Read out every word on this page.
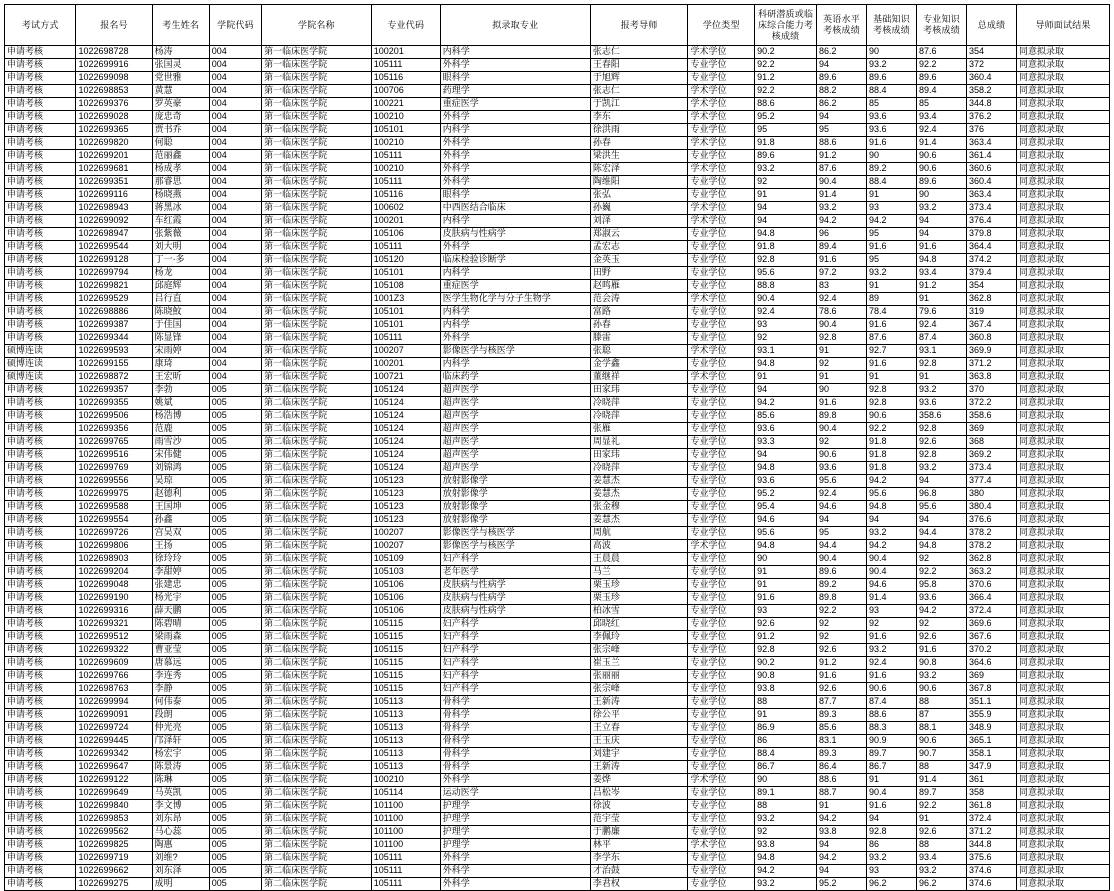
考试方式	报名号	考生姓名	学院代码	学院名称	专业代码	拟录取专业	报考导师	学位类型	科研潜质或临床综合能力考核成绩	英语水平考核成绩	基础知识考核成绩	专业知识考核成绩	总成绩	导师面试结果
申请考核	1022698728	杨涛	004	第一临床医学院	100201	内科学	张志仁	学术学位	90.2	86.2	90	87.6	354	同意拟录取
申请考核	1022699916	张国灵	004	第一临床医学院	105111	外科学	王春阳	专业学位	92.2	94	93.2	92.2	372	同意拟录取
申请考核	1022699098	党世雅	004	第一临床医学院	105116	眼科学	于旭辉	专业学位	91.2	89.6	89.6	89.6	360.4	同意拟录取
申请考核	1022698853	黄慧	004	第一临床医学院	100706	药理学	张志仁	学术学位	92.2	88.2	88.4	89.4	358.2	同意拟录取
申请考核	1022699376	罗英豪	004	第一临床医学院	100221	重症医学	于凯江	学术学位	88.6	86.2	85	85	344.8	同意拟录取
申请考核	1022699028	庞忠奇	004	第一临床医学院	100210	外科学	李东	学术学位	95.2	94	93.6	93.4	376.2	同意拟录取
申请考核	1022699365	贾书乔	004	第一临床医学院	105101	内科学	徐洪雨	专业学位	95	95	93.6	92.4	376	同意拟录取
申请考核	1022699820	何聪	004	第一临床医学院	100210	外科学	孙春	学术学位	91.8	88.6	91.6	91.4	363.4	同意拟录取
申请考核	1022699201	范丽鑫	004	第一临床医学院	105111	外科学	梁洪生	专业学位	89.6	91.2	90	90.6	361.4	同意拟录取
申请考核	1022699681	杨成孝	004	第一临床医学院	100210	外科学	陈宏泽	学术学位	93.2	87.6	89.2	90.6	360.6	同意拟录取
申请考核	1022699351	那睿思	004	第一临床医学院	105111	外科学	陶维阳	专业学位	92	90.4	88.4	89.6	360.4	同意拟录取
申请考核	1022699116	杨晓燕	004	第一临床医学院	105116	眼科学	张弘	专业学位	91	91.4	91	90	363.4	同意拟录取
申请考核	1022698943	蒋黑冰	004	第一临床医学院	100602	中西医结合临床	孙巍	学术学位	94	93.2	93	93.2	373.4	同意拟录取
申请考核	1022699092	车红霞	004	第一临床医学院	100201	内科学	刘泽	学术学位	94	94.2	94.2	94	376.4	同意拟录取
申请考核	1022698947	张紫薇	004	第一临床医学院	105106	皮肤病与性病学	郑淑云	专业学位	94.8	96	95	94	379.8	同意拟录取
申请考核	1022699544	刘大明	004	第一临床医学院	105111	外科学	孟宏志	专业学位	91.8	89.4	91.6	91.6	364.4	同意拟录取
申请考核	1022699128	丁一·多	004	第一临床医学院	105120	临床检验诊断学	金英玉	专业学位	92.8	91.6	95	94.8	374.2	同意拟录取
申请考核	1022699794	杨龙	004	第一临床医学院	105101	内科学	田野	专业学位	95.6	97.2	93.2	93.4	379.4	同意拟录取
申请考核	1022699821	邱庭辉	004	第一临床医学院	105108	重症医学	赵鸣雁	专业学位	88.8	83	91	91.2	354	同意拟录取
申请考核	1022699529	吕行直	004	第一临床医学院	1001Z3	医学生物化学与分子生物学	范会涛	学术学位	90.4	92.4	89	91	362.8	同意拟录取
申请考核	1022698886	陈晓魰	004	第一临床医学院	105101	内科学	富路	专业学位	92.4	78.6	78.4	79.6	319	同意拟录取
申请考核	1022699387	于佳国	004	第一临床医学院	105101	内科学	孙春	专业学位	93	90.4	91.6	92.4	367.4	同意拟录取
申请考核	1022699344	陈显锋	004	第一临床医学院	105111	外科学	滕雷	专业学位	92	92.8	87.6	87.4	360.8	同意拟录取
硕博连读	1022699593	宋雨婷	004	第一临床医学院	100207	影像医学与核医学	张聪	学术学位	93.1	91	92.7	93.1	369.9	同意拟录取
硕博连读	1022699155	康琦	004	第一临床医学院	100201	内科学	金学鑫	专业学位	94.8	92	91.6	92.8	371.2	同意拟录取
硕博连读	1022698872	王宏昕	004	第一临床医学院	100721	临床药学	董继祥	学术学位	91	91	91	91	363.8	同意拟录取
申请考核	1022699357	李勃	005	第二临床医学院	105124	超声医学	田家玮	专业学位	94	90	92.8	93.2	370	同意拟录取
申请考核	1022699355	姚斌	005	第二临床医学院	105124	超声医学	冷晓萍	专业学位	94.2	91.6	92.8	93.6	372.2	同意拟录取
申请考核	1022699506	杨浩博	005	第二临床医学院	105124	超声医学	冷晓萍	专业学位	85.6	89.8	90.6	358.6	358.6	同意拟录取
申请考核	1022699356	范鹿	005	第二临床医学院	105124	超声医学	张雁	专业学位	93.6	90.4	92.2	92.8	369	同意拟录取
申请考核	1022699765	雨雪沙	005	第二临床医学院	105124	超声医学	周显礼	专业学位	93.3	92	91.8	92.6	368	同意拟录取
申请考核	1022699516	宋伟健	005	第二临床医学院	105124	超声医学	田家玮	专业学位	94	90.6	91.8	92.8	369.2	同意拟录取
申请考核	1022699769	刘锦鸿	005	第二临床医学院	105124	超声医学	冷晓萍	专业学位	94.8	93.6	91.8	93.2	373.4	同意拟录取
申请考核	1022699556	吴琼	005	第二临床医学院	105123	放射影像学	姜慧杰	专业学位	93.6	95.6	94.2	94	377.4	同意拟录取
申请考核	1022699975	赵德利	005	第二临床医学院	105123	放射影像学	姜慧杰	专业学位	95.2	92.4	95.6	96.8	380	同意拟录取
申请考核	1022699588	王国坤	005	第二临床医学院	105123	放射影像学	张金穆	专业学位	95.4	94.6	94.8	95.6	380.4	同意拟录取
申请考核	1022699554	孙鑫	005	第二临床医学院	105123	放射影像学	姜慧杰	专业学位	94.6	94	94	94	376.6	同意拟录取
申请考核	1022699726	宫吴双	005	第二临床医学院	100207	影像医学与核医学	周航	专业学位	95.6	95	93.2	94.4	378.2	同意拟录取
申请考核	1022699806	王扬	005	第二临床医学院	100207	影像医学与核医学	高波	学术学位	94.8	94.4	94.2	94.8	378.2	同意拟录取
申请考核	1022698903	徐玲玲	005	第二临床医学院	105109	妇产科学	王晨晨	专业学位	90	90.4	90.4	92	362.8	同意拟录取
申请考核	1022699204	李甜婷	005	第二临床医学院	105103	老年医学	马兰	专业学位	91	89.6	90.4	92.2	363.2	同意拟录取
申请考核	1022699048	张建忠	005	第二临床医学院	105106	皮肤病与性病学	栗玉珍	专业学位	91	89.2	94.6	95.8	370.6	同意拟录取
申请考核	1022699190	杨光宇	005	第二临床医学院	105106	皮肤病与性病学	栗玉珍	专业学位	91.6	89.8	91.4	93.6	366.4	同意拟录取
申请考核	1022699316	薛天鹏	005	第二临床医学院	105106	皮肤病与性病学	柏冰雪	专业学位	93	92.2	93	94.2	372.4	同意拟录取
申请考核	1022699321	陈碧晴	005	第二临床医学院	105115	妇产科学	邱晓红	专业学位	92.6	92	92	92	369.6	同意拟录取
申请考核	1022699512	梁雨森	005	第二临床医学院	105115	妇产科学	李佩玲	专业学位	91.2	92	91.6	92.6	367.6	同意拟录取
申请考核	1022699322	曹亚莹	005	第二临床医学院	105115	妇产科学	张宗峰	专业学位	92.8	92.6	93.2	91.6	370.2	同意拟录取
申请考核	1022699609	唐慕远	005	第二临床医学院	105115	妇产科学	崔玉兰	专业学位	90.2	91.2	92.4	90.8	364.6	同意拟录取
申请考核	1022699766	李连秀	005	第二临床医学院	105115	妇产科学	张丽丽	专业学位	90.8	91.6	91.6	93.2	369	同意拟录取
申请考核	1022698763	李静	005	第二临床医学院	105115	妇产科学	张宗峰	专业学位	93.8	92.6	90.6	90.6	367.8	同意拟录取
申请考核	1022699994	何伟泰	005	第二临床医学院	105113	骨科学	王新涛	专业学位	88	87.7	87.4	88	351.1	同意拟录取
申请考核	1022699091	段朗	005	第二临床医学院	105113	骨科学	徐公平	专业学位	91	89.3	88.6	87	355.9	同意拟录取
申请考核	1022699724	仲光亮	005	第二临床医学院	105113	骨科学	王立春	专业学位	86.9	85.6	88.3	88.1	348.9	同意拟录取
申请考核	1022699445	邝泽轩	005	第二临床医学院	105113	骨科学	王玉庆	专业学位	86	83.1	90.9	90.6	365.1	同意拟录取
申请考核	1022699342	杨宏宇	005	第二临床医学院	105113	骨科学	刘建宇	专业学位	88.4	89.3	89.7	90.7	358.1	同意拟录取
申请考核	1022699647	陈景涛	005	第二临床医学院	105113	骨科学	王新涛	专业学位	86.7	86.4	86.7	88	347.9	同意拟录取
申请考核	1022699122	陈琳	005	第二临床医学院	100210	外科学	姜烨	学术学位	90	88.6	91	91.4	361	同意拟录取
申请考核	1022699649	马英凯	005	第二临床医学院	105114	运动医学	吕松岑	专业学位	89.1	88.7	90.4	89.7	358	同意拟录取
申请考核	1022699840	李文博	005	第二临床医学院	101100	护理学	徐波	专业学位	88	91	91.6	92.2	361.8	同意拟录取
申请考核	1022699853	刘东昂	005	第二临床医学院	101100	护理学	范宇莹	专业学位	93.2	94.2	94	91	372.4	同意拟录取
申请考核	1022699562	马心蕊	005	第二临床医学院	101100	护理学	于鹏廉	专业学位	92	93.8	92.8	92.6	371.2	同意拟录取
申请考核	1022699825	陶惠	005	第二临床医学院	101100	护理学	林平	学术学位	93.8	94	86	88	344.8	同意拟录取
申请考核	1022699719	刘维?	005	第二临床医学院	105111	外科学	李学东	专业学位	94.8	94.2	93.2	93.4	375.6	同意拟录取
申请考核	1022699662	刘东泽	005	第二临床医学院	105111	外科学	才治鼓	专业学位	94.2	94	93	93.2	374.6	同意拟录取
申请考核	1022699275	成明	005	第二临床医学院	105111	外科学	李君权	专业学位	93.2	95.2	96.2	96.2	374.6	同意拟录取
